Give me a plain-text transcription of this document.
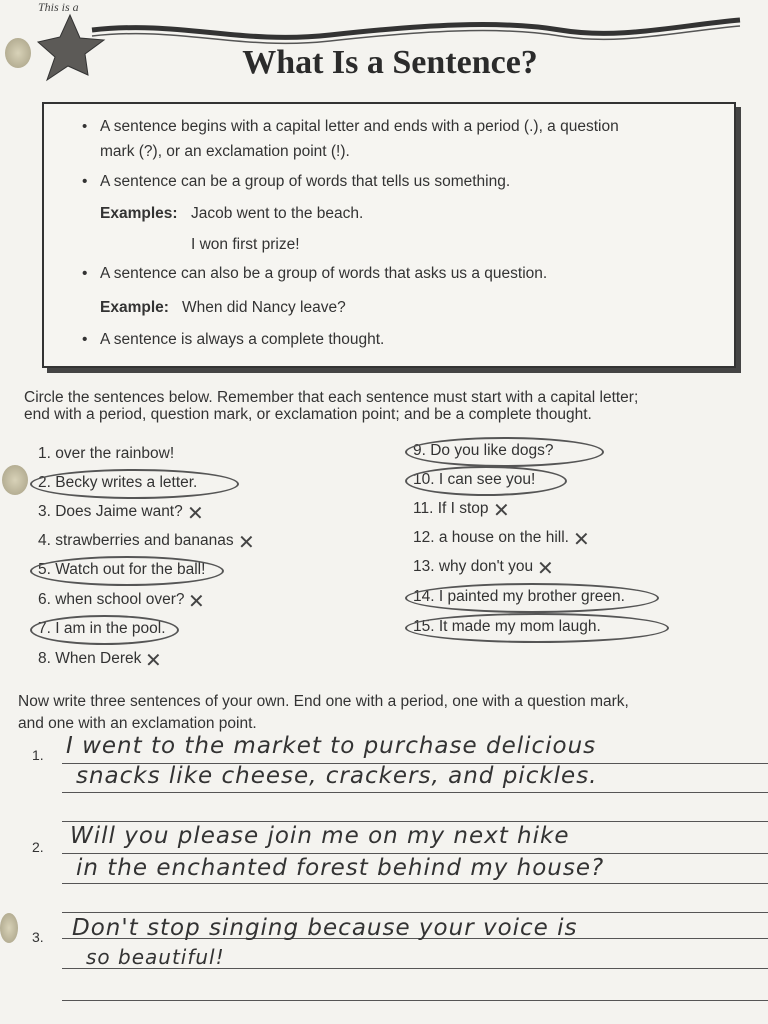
This is a
What Is a Sentence?
• A sentence begins with a capital letter and ends with a period (.), a question
mark (?), or an exclamation point (!).
• A sentence can be a group of words that tells us something.
Examples: Jacob went to the beach.
I won first prize!
• A sentence can also be a group of words that asks us a question.
Example: When did Nancy leave?
• A sentence is always a complete thought.
Circle the sentences below. Remember that each sentence must start with a capital letter;
end with a period, question mark, or exclamation point; and be a complete thought.
1. over the rainbow!
2. Becky writes a letter.
3. Does Jaime want? ✕
4. strawberries and bananas ✕
5. Watch out for the ball!
6. when school over? ✕
7. I am in the pool.
8. When Derek ✕
9. Do you like dogs?
10. I can see you!
11. If I stop ✕
12. a house on the hill. ✕
13. why don't you ✕
14. I painted my brother green.
15. It made my mom laugh.
Now write three sentences of your own. End one with a period, one with a question mark,
and one with an exclamation point.
1.
2.
3.
I went to the market to purchase delicious
snacks like cheese, crackers, and pickles.
Will you please join me on my next hike
in the enchanted forest behind my house?
Don't stop singing because your voice is
so beautiful!
